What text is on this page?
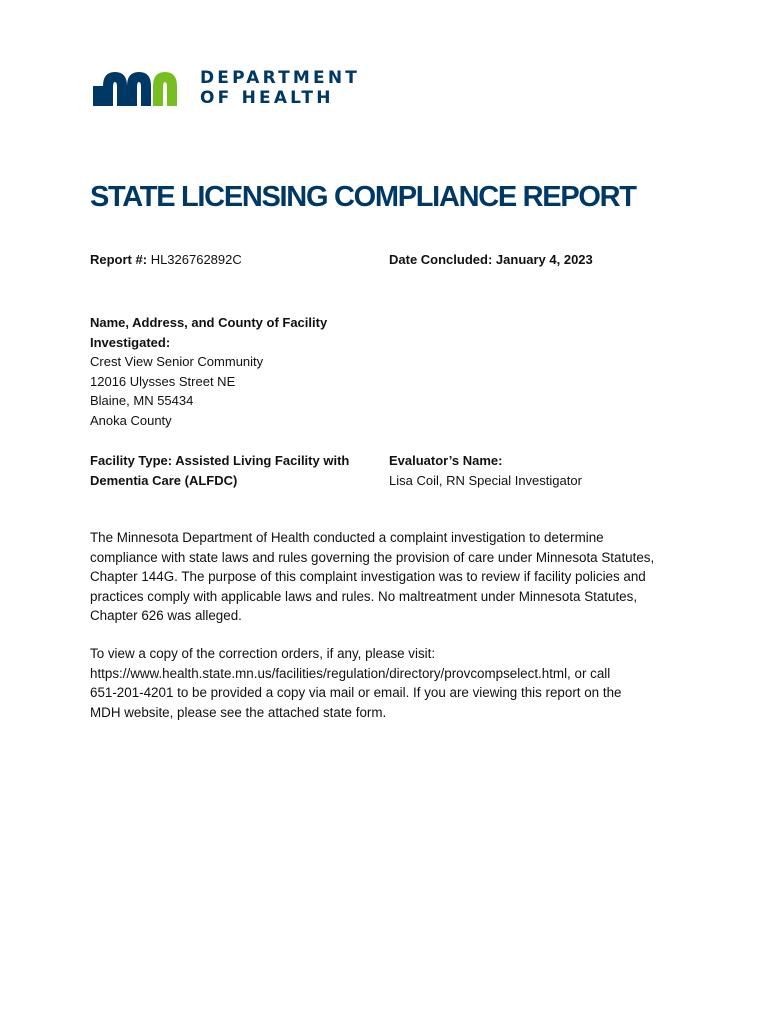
DEPARTMENT
OF HEALTH
STATE LICENSING COMPLIANCE REPORT
Report #: HL326762892C	Date Concluded: January 4, 2023
Name, Address, and County of Facility
Investigated:
Crest View Senior Community
12016 Ulysses Street NE
Blaine, MN 55434
Anoka County
Facility Type: Assisted Living Facility with
Dementia Care (ALFDC)
Evaluator’s Name:
Lisa Coil, RN Special Investigator

The Minnesota Department of Health conducted a complaint investigation to determine
compliance with state laws and rules governing the provision of care under Minnesota Statutes,
Chapter 144G. The purpose of this complaint investigation was to review if facility policies and
practices comply with applicable laws and rules. No maltreatment under Minnesota Statutes,
Chapter 626 was alleged.

To view a copy of the correction orders, if any, please visit:
https://www.health.state.mn.us/facilities/regulation/directory/provcompselect.html, or call
651-201-4201 to be provided a copy via mail or email. If you are viewing this report on the
MDH website, please see the attached state form.
